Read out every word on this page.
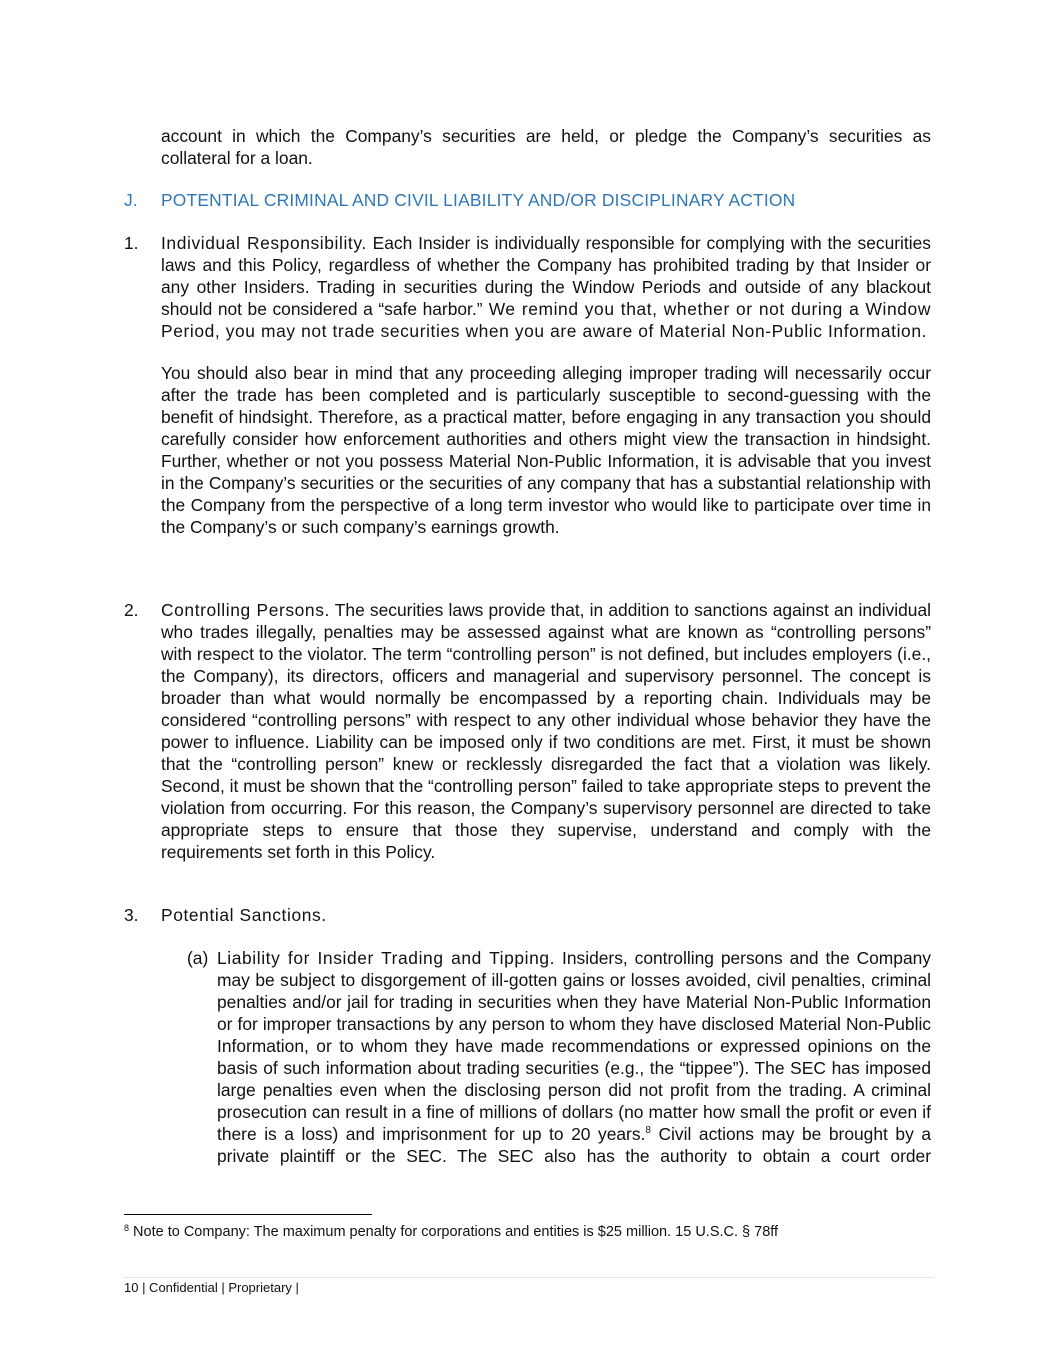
account in which the Company’s securities are held, or pledge the Company’s securities as collateral for a loan.

J. POTENTIAL CRIMINAL AND CIVIL LIABILITY AND/OR DISCIPLINARY ACTION
1. Individual Responsibility. Each Insider is individually responsible for complying with the securities laws and this Policy, regardless of whether the Company has prohibited trading by that Insider or any other Insiders. Trading in securities during the Window Periods and outside of any blackout should not be considered a “safe harbor.” We remind you that, whether or not during a Window Period, you may not trade securities when you are aware of Material Non-Public Information.

You should also bear in mind that any proceeding alleging improper trading will necessarily occur after the trade has been completed and is particularly susceptible to second-guessing with the benefit of hindsight. Therefore, as a practical matter, before engaging in any transaction you should carefully consider how enforcement authorities and others might view the transaction in hindsight. Further, whether or not you possess Material Non-Public Information, it is advisable that you invest in the Company’s securities or the securities of any company that has a substantial relationship with the Company from the perspective of a long term investor who would like to participate over time in the Company’s or such company’s earnings growth.

2. Controlling Persons. The securities laws provide that, in addition to sanctions against an individual who trades illegally, penalties may be assessed against what are known as “controlling persons” with respect to the violator. The term “controlling person” is not defined, but includes employers (i.e., the Company), its directors, officers and managerial and supervisory personnel. The concept is broader than what would normally be encompassed by a reporting chain. Individuals may be considered “controlling persons” with respect to any other individual whose behavior they have the power to influence. Liability can be imposed only if two conditions are met. First, it must be shown that the “controlling person” knew or recklessly disregarded the fact that a violation was likely. Second, it must be shown that the “controlling person” failed to take appropriate steps to prevent the violation from occurring. For this reason, the Company’s supervisory personnel are directed to take appropriate steps to ensure that those they supervise, understand and comply with the requirements set forth in this Policy.

3. Potential Sanctions.

(a) Liability for Insider Trading and Tipping. Insiders, controlling persons and the Company may be subject to disgorgement of ill-gotten gains or losses avoided, civil penalties, criminal penalties and/or jail for trading in securities when they have Material Non-Public Information or for improper transactions by any person to whom they have disclosed Material Non-Public Information, or to whom they have made recommendations or expressed opinions on the basis of such information about trading securities (e.g., the “tippee”). The SEC has imposed large penalties even when the disclosing person did not profit from the trading. A criminal prosecution can result in a fine of millions of dollars (no matter how small the profit or even if there is a loss) and imprisonment for up to 20 years.$^8$ Civil actions may be brought by a private plaintiff or the SEC. The SEC also has the authority to obtain a court order

$^8$ Note to Company: The maximum penalty for corporations and entities is $25 million. 15 U.S.C. § 78ff

10 | Confidential | Proprietary |
